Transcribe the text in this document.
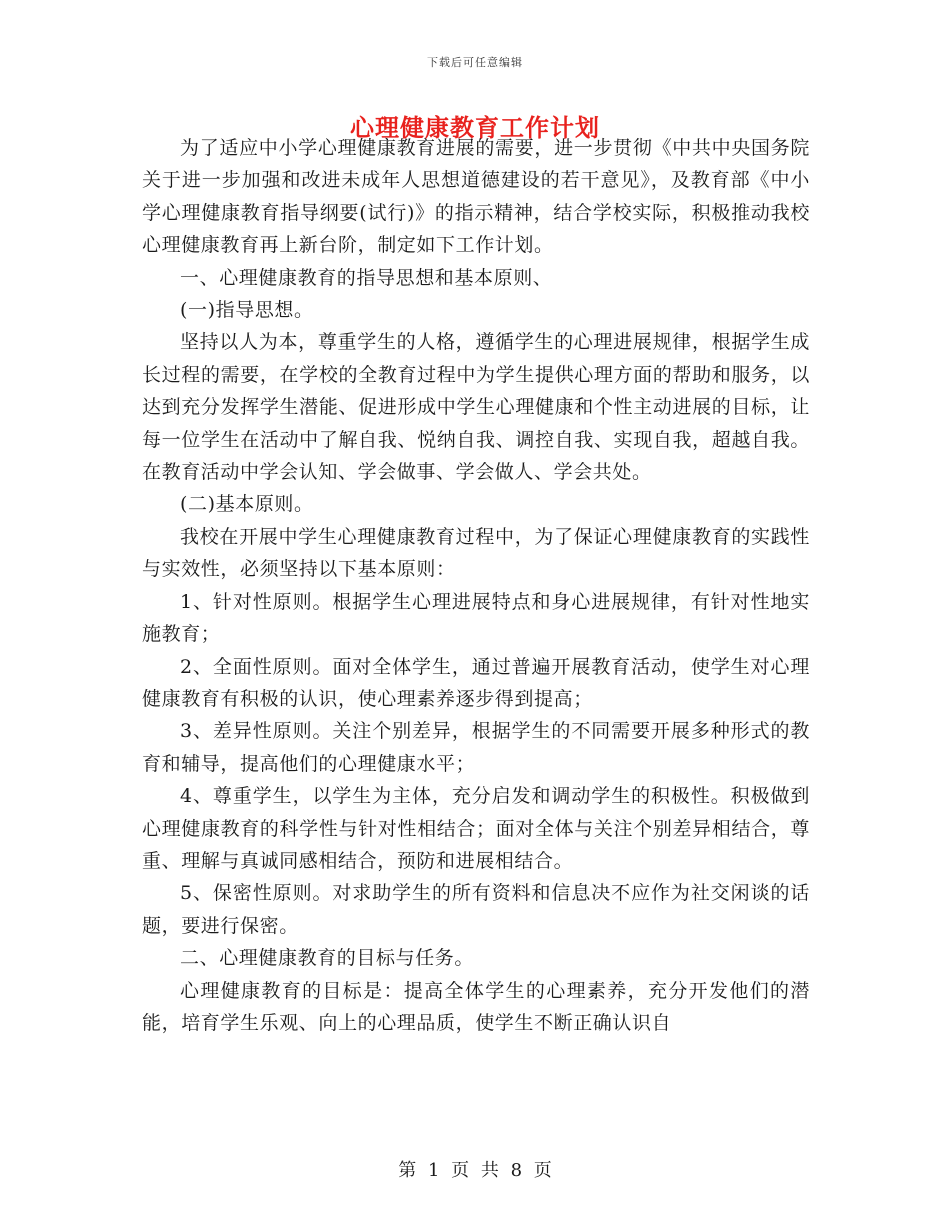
下载后可任意编辑
心理健康教育工作计划

为了适应中小学心理健康教育进展的需要，进一步贯彻《中共中央国务院关于进一步加强和改进未成年人思想道德建设的若干意见》，及教育部《中小学心理健康教育指导纲要(试行)》的指示精神，结合学校实际，积极推动我校心理健康教育再上新台阶，制定如下工作计划。

一、心理健康教育的指导思想和基本原则、

(一)指导思想。

坚持以人为本，尊重学生的人格，遵循学生的心理进展规律，根据学生成长过程的需要，在学校的全教育过程中为学生提供心理方面的帮助和服务，以达到充分发挥学生潜能、促进形成中学生心理健康和个性主动进展的目标，让每一位学生在活动中了解自我、悦纳自我、调控自我、实现自我，超越自我。在教育活动中学会认知、学会做事、学会做人、学会共处。

(二)基本原则。

我校在开展中学生心理健康教育过程中，为了保证心理健康教育的实践性与实效性，必须坚持以下基本原则：

1、针对性原则。根据学生心理进展特点和身心进展规律，有针对性地实施教育；

2、全面性原则。面对全体学生，通过普遍开展教育活动，使学生对心理健康教育有积极的认识，使心理素养逐步得到提高；

3、差异性原则。关注个别差异，根据学生的不同需要开展多种形式的教育和辅导，提高他们的心理健康水平；

4、尊重学生，以学生为主体，充分启发和调动学生的积极性。积极做到心理健康教育的科学性与针对性相结合；面对全体与关注个别差异相结合，尊重、理解与真诚同感相结合，预防和进展相结合。

5、保密性原则。对求助学生的所有资料和信息决不应作为社交闲谈的话题，要进行保密。

二、心理健康教育的目标与任务。

心理健康教育的目标是：提高全体学生的心理素养，充分开发他们的潜能，培育学生乐观、向上的心理品质，使学生不断正确认识自

第 1 页 共 8 页
